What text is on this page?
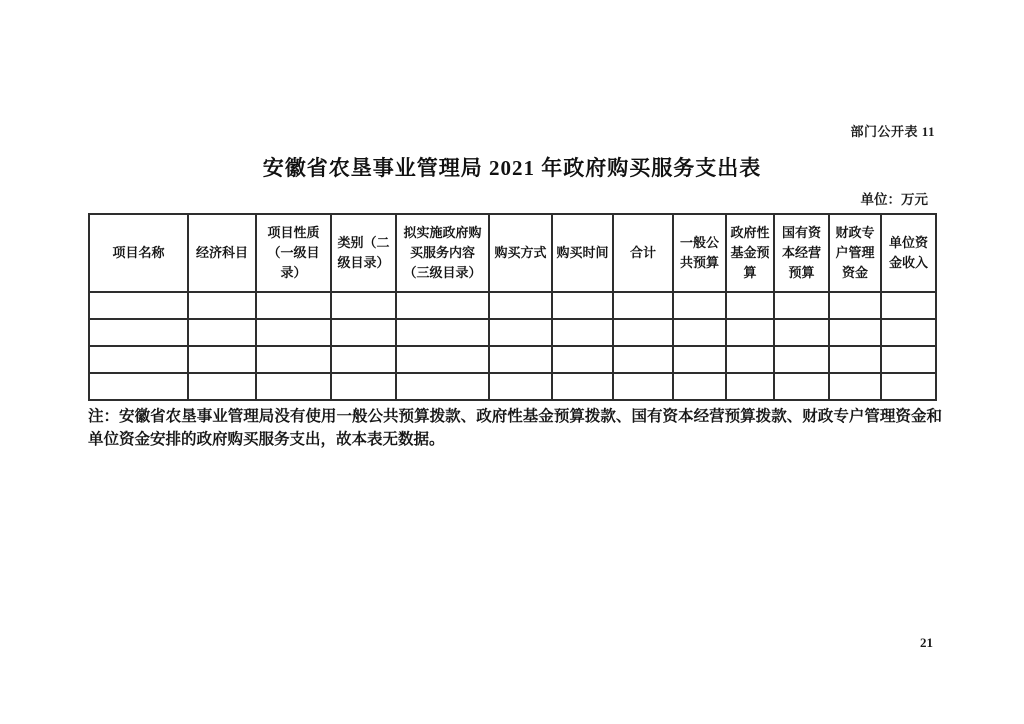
部门公开表 11
安徽省农垦事业管理局 2021 年政府购买服务支出表
单位：万元
项目名称	经济科目	项目性质（一级目录）	类别（二级目录）	拟实施政府购买服务内容（三级目录）	购买方式	购买时间	合计	一般公共预算	政府性基金预算	国有资本经营预算	财政专户管理资金	单位资金收入

注：安徽省农垦事业管理局没有使用一般公共预算拨款、政府性基金预算拨款、国有资本经营预算拨款、财政专户管理资金和单位资金安排的政府购买服务支出，故本表无数据。

21
